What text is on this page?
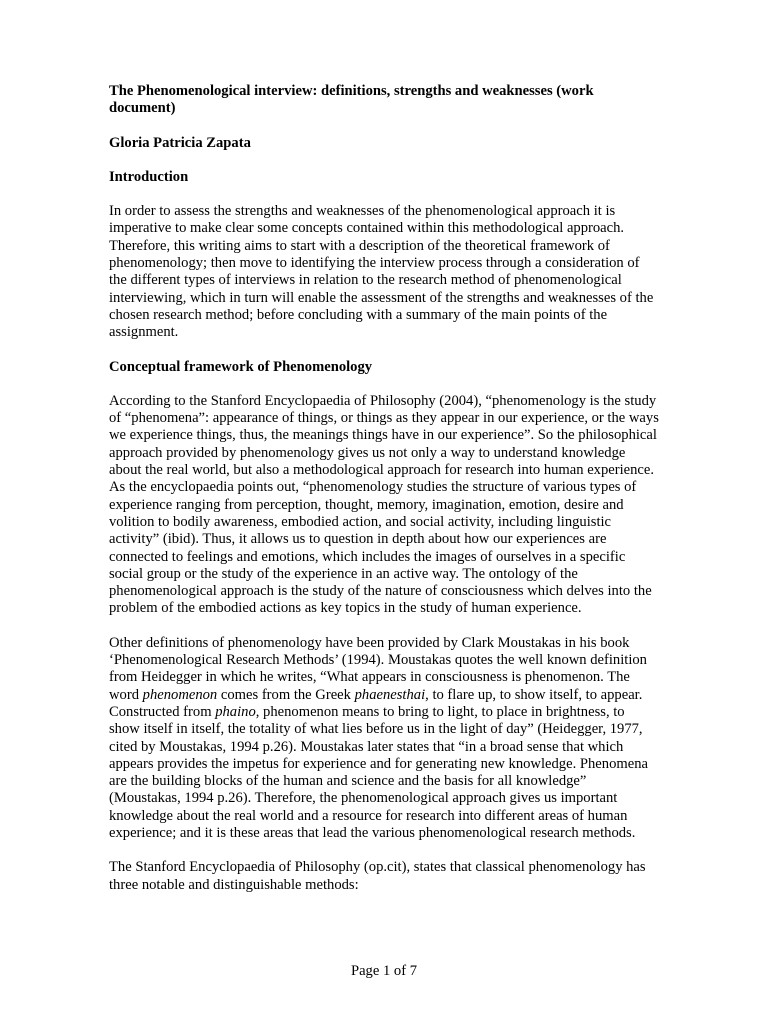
The Phenomenological interview: definitions, strengths and weaknesses (work document)
Gloria Patricia Zapata
Introduction
In order to assess the strengths and weaknesses of the phenomenological approach it is imperative to make clear some concepts contained within this methodological approach. Therefore, this writing aims to start with a description of the theoretical framework of phenomenology; then move to identifying the interview process through a consideration of the different types of interviews in relation to the research method of phenomenological interviewing, which in turn will enable the assessment of the strengths and weaknesses of the chosen research method; before concluding with a summary of the main points of the assignment.
Conceptual framework of Phenomenology
According to the Stanford Encyclopaedia of Philosophy (2004), “phenomenology is the study of “phenomena”: appearance of things, or things as they appear in our experience, or the ways we experience things, thus, the meanings things have in our experience”. So the philosophical approach provided by phenomenology gives us not only a way to understand knowledge about the real world, but also a methodological approach for research into human experience. As the encyclopaedia points out, “phenomenology studies the structure of various types of experience ranging from perception, thought, memory, imagination, emotion, desire and volition to bodily awareness, embodied action, and social activity, including linguistic activity” (ibid). Thus, it allows us to question in depth about how our experiences are connected to feelings and emotions, which includes the images of ourselves in a specific social group or the study of the experience in an active way. The ontology of the phenomenological approach is the study of the nature of consciousness which delves into the problem of the embodied actions as key topics in the study of human experience.
Other definitions of phenomenology have been provided by Clark Moustakas in his book ‘Phenomenological Research Methods’ (1994). Moustakas quotes the well known definition from Heidegger in which he writes, “What appears in consciousness is phenomenon. The word phenomenon comes from the Greek phaenesthai, to flare up, to show itself, to appear. Constructed from phaino, phenomenon means to bring to light, to place in brightness, to show itself in itself, the totality of what lies before us in the light of day” (Heidegger, 1977, cited by Moustakas, 1994 p.26). Moustakas later states that “in a broad sense that which appears provides the impetus for experience and for generating new knowledge. Phenomena are the building blocks of the human and science and the basis for all knowledge” (Moustakas, 1994 p.26). Therefore, the phenomenological approach gives us important knowledge about the real world and a resource for research into different areas of human experience; and it is these areas that lead the various phenomenological research methods.
The Stanford Encyclopaedia of Philosophy (op.cit), states that classical phenomenology has three notable and distinguishable methods:
Page 1 of 7
